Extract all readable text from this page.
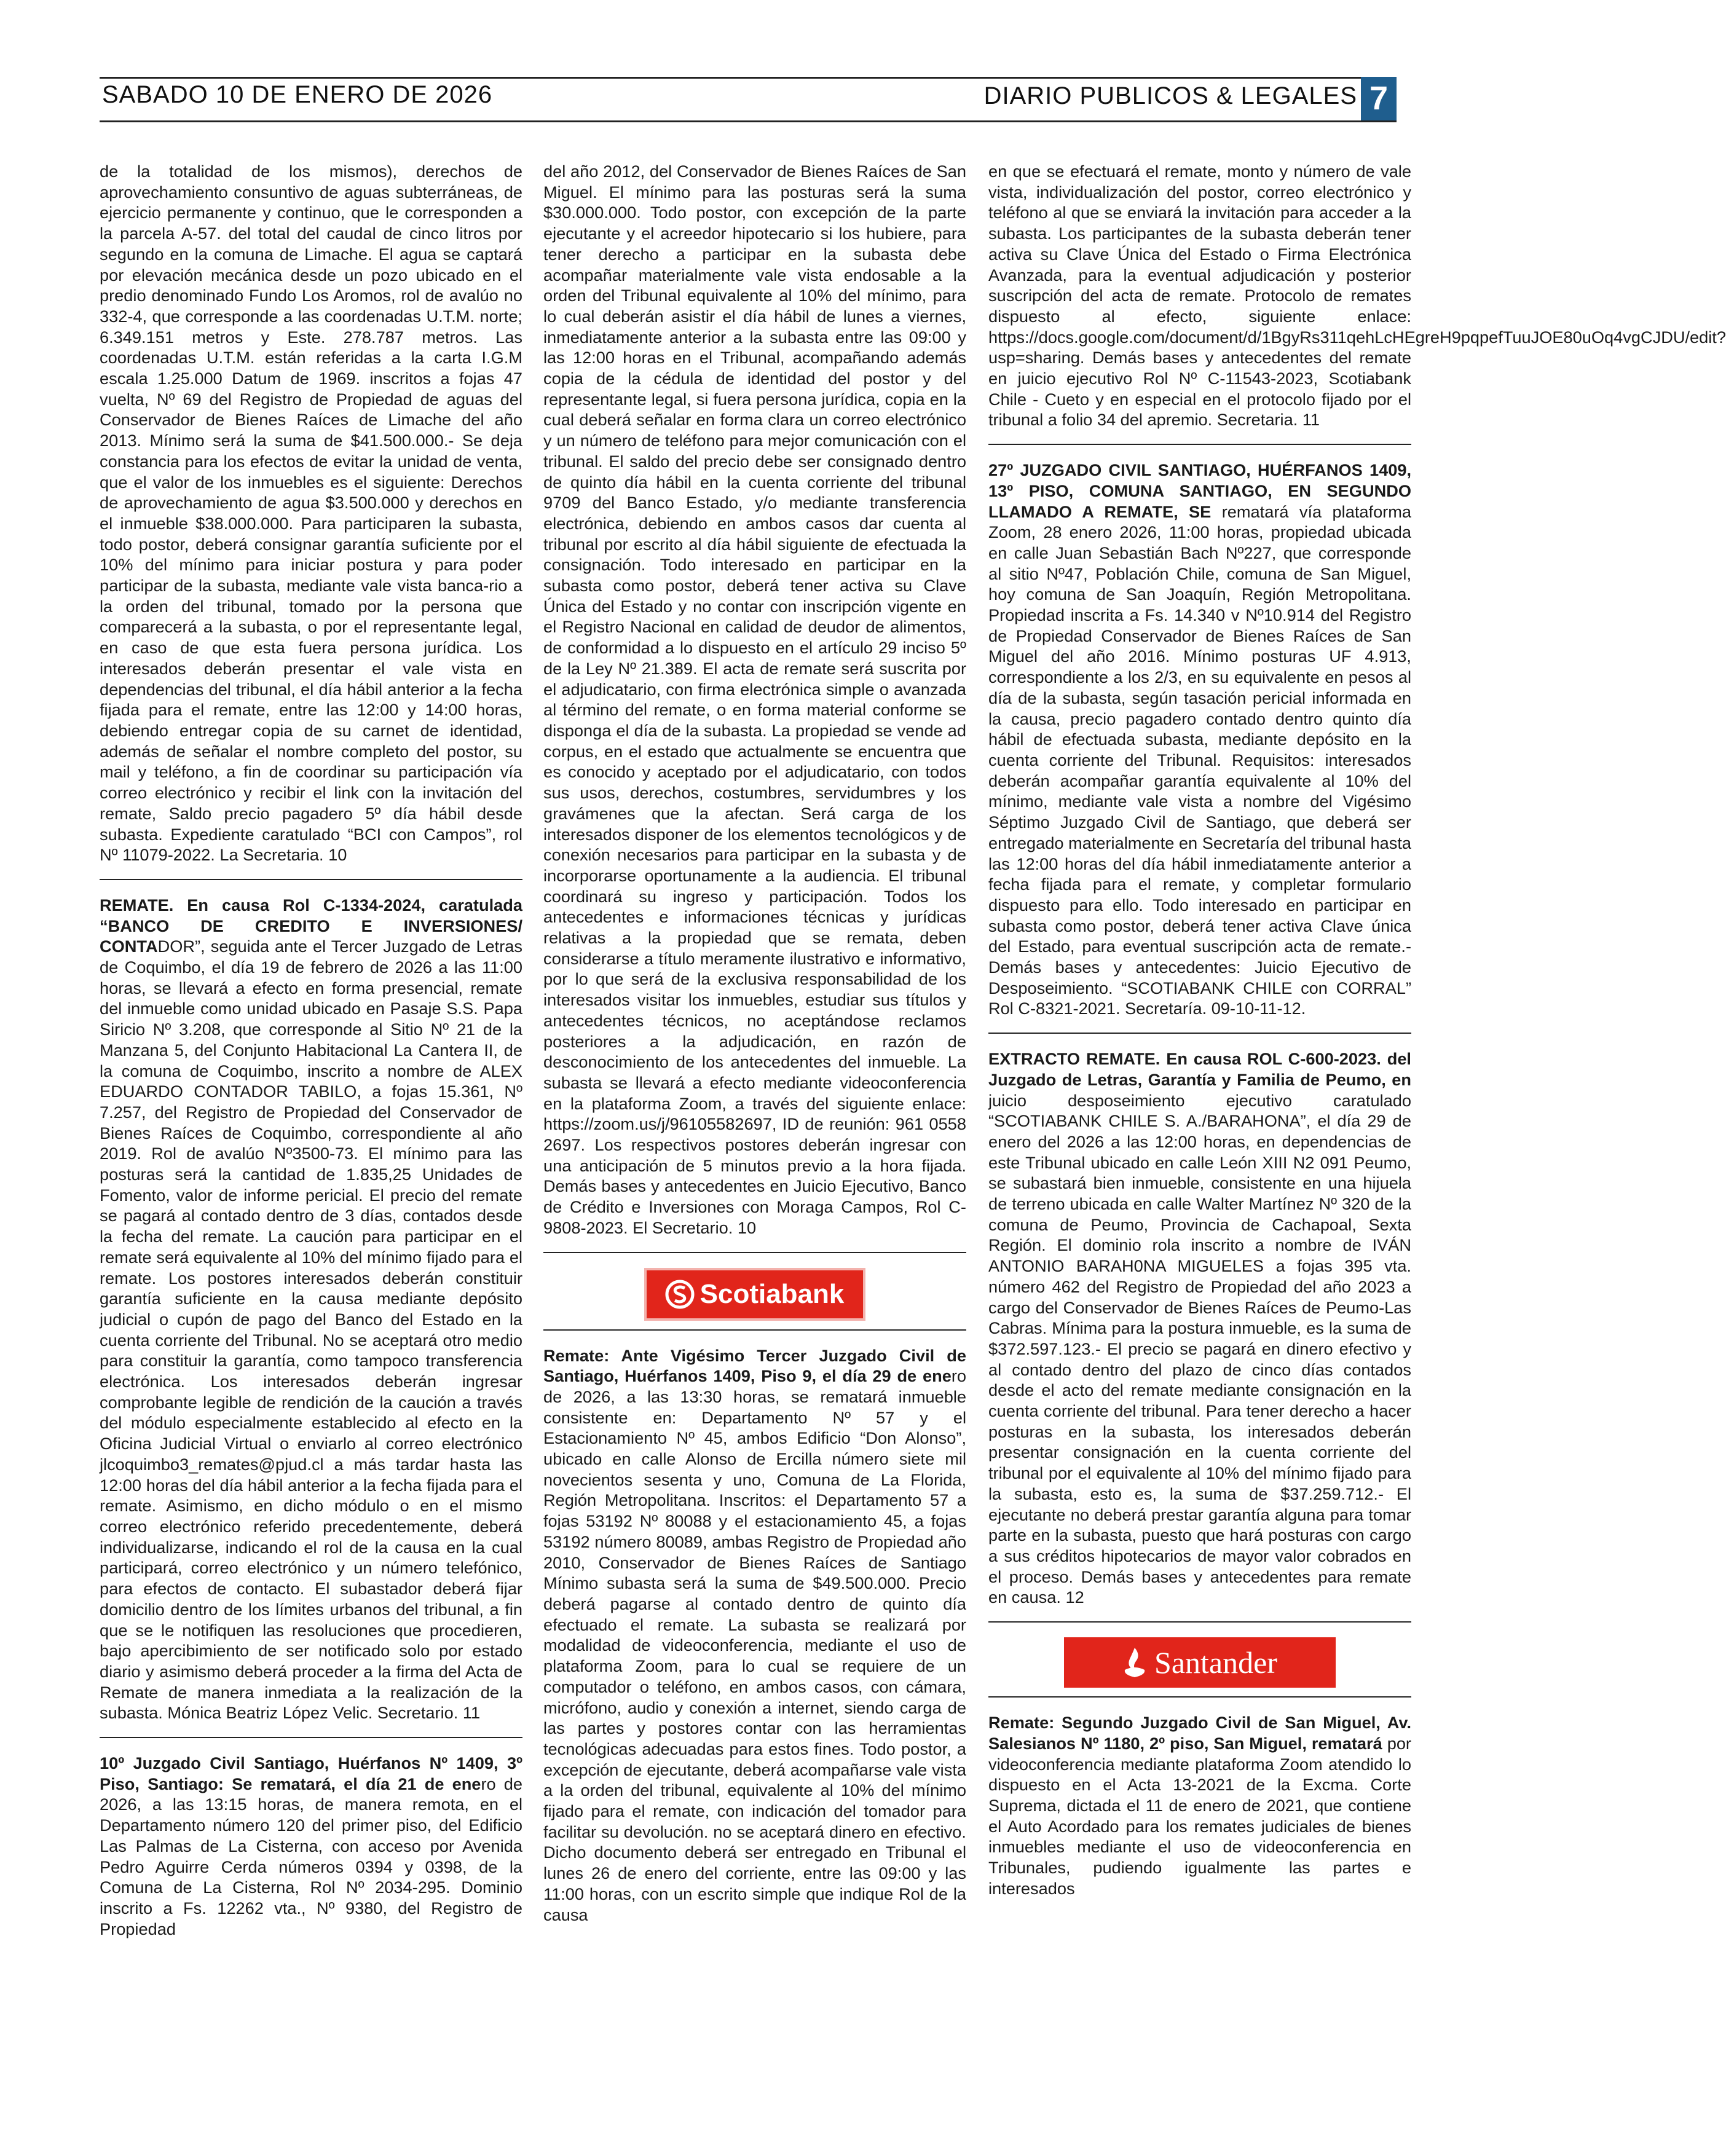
SABADO 10 DE ENERO DE 2026	DIARIO PUBLICOS & LEGALES 7

de la totalidad de los mismos), derechos de aprovechamiento consuntivo de aguas subterráneas, de ejercicio permanente y continuo, que le corresponden a la parcela A-57. del total del caudal de cinco litros por segundo en la comuna de Limache. El agua se captará por elevación mecánica desde un pozo ubicado en el predio denominado Fundo Los Aromos, rol de avalúo no 332-4, que corresponde a las coordenadas U.T.M. norte; 6.349.151 metros y Este. 278.787 metros. Las coordenadas U.T.M. están referidas a la carta I.G.M escala 1.25.000 Datum de 1969. inscritos a fojas 47 vuelta, Nº 69 del Registro de Propiedad de aguas del Conservador de Bienes Raíces de Limache del año 2013. Mínimo será la suma de $41.500.000.- Se deja constancia para los efectos de evitar la unidad de venta, que el valor de los inmuebles es el siguiente: Derechos de aprovechamiento de agua $3.500.000 y derechos en el inmueble $38.000.000. Para participaren la subasta, todo postor, deberá consignar garantía suficiente por el 10% del mínimo para iniciar postura y para poder participar de la subasta, mediante vale vista banca-rio a la orden del tribunal, tomado por la persona que comparecerá a la subasta, o por el representante legal, en caso de que esta fuera persona jurídica. Los interesados deberán presentar el vale vista en dependencias del tribunal, el día hábil anterior a la fecha fijada para el remate, entre las 12:00 y 14:00 horas, debiendo entregar copia de su carnet de identidad, además de señalar el nombre completo del postor, su mail y teléfono, a fin de coordinar su participación vía correo electrónico y recibir el link con la invitación del remate, Saldo precio pagadero 5º día hábil desde subasta. Expediente caratulado “BCI con Campos”, rol Nº 11079-2022. La Secretaria. 10

REMATE. En causa Rol C-1334-2024, caratulada “BANCO DE CREDITO E INVERSIONES/ CONTADOR”, seguida ante el Tercer Juzgado de Letras de Coquimbo, el día 19 de febrero de 2026 a las 11:00 horas, se llevará a efecto en forma presencial, remate del inmueble como unidad ubicado en Pasaje S.S. Papa Siricio Nº 3.208, que corresponde al Sitio Nº 21 de la Manzana 5, del Conjunto Habitacional La Cantera II, de la comuna de Coquimbo, inscrito a nombre de ALEX EDUARDO CONTADOR TABILO, a fojas 15.361, Nº 7.257, del Registro de Propiedad del Conservador de Bienes Raíces de Coquimbo, correspondiente al año 2019. Rol de avalúo Nº3500-73. El mínimo para las posturas será la cantidad de 1.835,25 Unidades de Fomento, valor de informe pericial. El precio del remate se pagará al contado dentro de 3 días, contados desde la fecha del remate. La caución para participar en el remate será equivalente al 10% del mínimo fijado para el remate. Los postores interesados deberán constituir garantía suficiente en la causa mediante depósito judicial o cupón de pago del Banco del Estado en la cuenta corriente del Tribunal. No se aceptará otro medio para constituir la garantía, como tampoco transferencia electrónica. Los interesados deberán ingresar comprobante legible de rendición de la caución a través del módulo especialmente establecido al efecto en la Oficina Judicial Virtual o enviarlo al correo electrónico jlcoquimbo3_remates@pjud.cl a más tardar hasta las 12:00 horas del día hábil anterior a la fecha fijada para el remate. Asimismo, en dicho módulo o en el mismo correo electrónico referido precedentemente, deberá individualizarse, indicando el rol de la causa en la cual participará, correo electrónico y un número telefónico, para efectos de contacto. El subastador deberá fijar domicilio dentro de los límites urbanos del tribunal, a fin que se le notifiquen las resoluciones que procedieren, bajo apercibimiento de ser notificado solo por estado diario y asimismo deberá proceder a la firma del Acta de Remate de manera inmediata a la realización de la subasta. Mónica Beatriz López Velic. Secretario. 11

10º Juzgado Civil Santiago, Huérfanos Nº 1409, 3º Piso, Santiago: Se rematará, el día 21 de enero de 2026, a las 13:15 horas, de manera remota, en el Departamento número 120 del primer piso, del Edificio Las Palmas de La Cisterna, con acceso por Avenida Pedro Aguirre Cerda números 0394 y 0398, de la Comuna de La Cisterna, Rol Nº 2034-295. Dominio inscrito a Fs. 12262 vta., Nº 9380, del Registro de Propiedad

del año 2012, del Conservador de Bienes Raíces de San Miguel. El mínimo para las posturas será la suma $30.000.000. Todo postor, con excepción de la parte ejecutante y el acreedor hipotecario si los hubiere, para tener derecho a participar en la subasta debe acompañar materialmente vale vista endosable a la orden del Tribunal equivalente al 10% del mínimo, para lo cual deberán asistir el día hábil de lunes a viernes, inmediatamente anterior a la subasta entre las 09:00 y las 12:00 horas en el Tribunal, acompañando además copia de la cédula de identidad del postor y del representante legal, si fuera persona jurídica, copia en la cual deberá señalar en forma clara un correo electrónico y un número de teléfono para mejor comunicación con el tribunal. El saldo del precio debe ser consignado dentro de quinto día hábil en la cuenta corriente del tribunal 9709 del Banco Estado, y/o mediante transferencia electrónica, debiendo en ambos casos dar cuenta al tribunal por escrito al día hábil siguiente de efectuada la consignación. Todo interesado en participar en la subasta como postor, deberá tener activa su Clave Única del Estado y no contar con inscripción vigente en el Registro Nacional en calidad de deudor de alimentos, de conformidad a lo dispuesto en el artículo 29 inciso 5º de la Ley Nº 21.389. El acta de remate será suscrita por el adjudicatario, con firma electrónica simple o avanzada al término del remate, o en forma material conforme se disponga el día de la subasta. La propiedad se vende ad corpus, en el estado que actualmente se encuentra que es conocido y aceptado por el adjudicatario, con todos sus usos, derechos, costumbres, servidumbres y los gravámenes que la afectan. Será carga de los interesados disponer de los elementos tecnológicos y de conexión necesarios para participar en la subasta y de incorporarse oportunamente a la audiencia. El tribunal coordinará su ingreso y participación. Todos los antecedentes e informaciones técnicas y jurídicas relativas a la propiedad que se remata, deben considerarse a título meramente ilustrativo e informativo, por lo que será de la exclusiva responsabilidad de los interesados visitar los inmuebles, estudiar sus títulos y antecedentes técnicos, no aceptándose reclamos posteriores a la adjudicación, en razón de desconocimiento de los antecedentes del inmueble. La subasta se llevará a efecto mediante videoconferencia en la plataforma Zoom, a través del siguiente enlace: https://zoom.us/j/96105582697, ID de reunión: 961 0558 2697. Los respectivos postores deberán ingresar con una anticipación de 5 minutos previo a la hora fijada. Demás bases y antecedentes en Juicio Ejecutivo, Banco de Crédito e Inversiones con Moraga Campos, Rol C-9808-2023. El Secretario. 10

Scotiabank

Remate: Ante Vigésimo Tercer Juzgado Civil de Santiago, Huérfanos 1409, Piso 9, el día 29 de enero de 2026, a las 13:30 horas, se rematará inmueble consistente en: Departamento Nº 57 y el Estacionamiento Nº 45, ambos Edificio “Don Alonso”, ubicado en calle Alonso de Ercilla número siete mil novecientos sesenta y uno, Comuna de La Florida, Región Metropolitana. Inscritos: el Departamento 57 a fojas 53192 Nº 80088 y el estacionamiento 45, a fojas 53192 número 80089, ambas Registro de Propiedad año 2010, Conservador de Bienes Raíces de Santiago Mínimo subasta será la suma de $49.500.000. Precio deberá pagarse al contado dentro de quinto día efectuado el remate. La subasta se realizará por modalidad de videoconferencia, mediante el uso de plataforma Zoom, para lo cual se requiere de un computador o teléfono, en ambos casos, con cámara, micrófono, audio y conexión a internet, siendo carga de las partes y postores contar con las herramientas tecnológicas adecuadas para estos fines. Todo postor, a excepción de ejecutante, deberá acompañarse vale vista a la orden del tribunal, equivalente al 10% del mínimo fijado para el remate, con indicación del tomador para facilitar su devolución. no se aceptará dinero en efectivo. Dicho documento deberá ser entregado en Tribunal el lunes 26 de enero del corriente, entre las 09:00 y las 11:00 horas, con un escrito simple que indique Rol de la causa

en que se efectuará el remate, monto y número de vale vista, individualización del postor, correo electrónico y teléfono al que se enviará la invitación para acceder a la subasta. Los participantes de la subasta deberán tener activa su Clave Única del Estado o Firma Electrónica Avanzada, para la eventual adjudicación y posterior suscripción del acta de remate. Protocolo de remates dispuesto al efecto, siguiente enlace: https://docs.google.com/document/d/1BgyRs311qehLcHEgreH9pqpefTuuJOE80uOq4vgCJDU/edit?usp=sharing. Demás bases y antecedentes del remate en juicio ejecutivo Rol Nº C-11543-2023, Scotiabank Chile - Cueto y en especial en el protocolo fijado por el tribunal a folio 34 del apremio. Secretaria. 11

27º JUZGADO CIVIL SANTIAGO, HUÉRFANOS 1409, 13º PISO, COMUNA SANTIAGO, EN SEGUNDO LLAMADO A REMATE, SE rematará vía plataforma Zoom, 28 enero 2026, 11:00 horas, propiedad ubicada en calle Juan Sebastián Bach Nº227, que corresponde al sitio Nº47, Población Chile, comuna de San Miguel, hoy comuna de San Joaquín, Región Metropolitana. Propiedad inscrita a Fs. 14.340 v Nº10.914 del Registro de Propiedad Conservador de Bienes Raíces de San Miguel del año 2016. Mínimo posturas UF 4.913, correspondiente a los 2/3, en su equivalente en pesos al día de la subasta, según tasación pericial informada en la causa, precio pagadero contado dentro quinto día hábil de efectuada subasta, mediante depósito en la cuenta corriente del Tribunal. Requisitos: interesados deberán acompañar garantía equivalente al 10% del mínimo, mediante vale vista a nombre del Vigésimo Séptimo Juzgado Civil de Santiago, que deberá ser entregado materialmente en Secretaría del tribunal hasta las 12:00 horas del día hábil inmediatamente anterior a fecha fijada para el remate, y completar formulario dispuesto para ello. Todo interesado en participar en subasta como postor, deberá tener activa Clave única del Estado, para eventual suscripción acta de remate.- Demás bases y antecedentes: Juicio Ejecutivo de Desposeimiento. “SCOTIABANK CHILE con CORRAL” Rol C-8321-2021. Secretaría. 09-10-11-12.

EXTRACTO REMATE. En causa ROL C-600-2023. del Juzgado de Letras, Garantía y Familia de Peumo, en juicio desposeimiento ejecutivo caratulado “SCOTIABANK CHILE S. A./BARAHONA”, el día 29 de enero del 2026 a las 12:00 horas, en dependencias de este Tribunal ubicado en calle León XIII N2 091 Peumo, se subastará bien inmueble, consistente en una hijuela de terreno ubicada en calle Walter Martínez Nº 320 de la comuna de Peumo, Provincia de Cachapoal, Sexta Región. El dominio rola inscrito a nombre de IVÁN ANTONIO BARAH0NA MIGUELES a fojas 395 vta. número 462 del Registro de Propiedad del año 2023 a cargo del Conservador de Bienes Raíces de Peumo-Las Cabras. Mínima para la postura inmueble, es la suma de $372.597.123.- El precio se pagará en dinero efectivo y al contado dentro del plazo de cinco días contados desde el acto del remate mediante consignación en la cuenta corriente del tribunal. Para tener derecho a hacer posturas en la subasta, los interesados deberán presentar consignación en la cuenta corriente del tribunal por el equivalente al 10% del mínimo fijado para la subasta, esto es, la suma de $37.259.712.- El ejecutante no deberá prestar garantía alguna para tomar parte en la subasta, puesto que hará posturas con cargo a sus créditos hipotecarios de mayor valor cobrados en el proceso. Demás bases y antecedentes para remate en causa. 12

Santander

Remate: Segundo Juzgado Civil de San Miguel, Av. Salesianos Nº 1180, 2º piso, San Miguel, rematará por videoconferencia mediante plataforma Zoom atendido lo dispuesto en el Acta 13-2021 de la Excma. Corte Suprema, dictada el 11 de enero de 2021, que contiene el Auto Acordado para los remates judiciales de bienes inmuebles mediante el uso de videoconferencia en Tribunales, pudiendo igualmente las partes e interesados
